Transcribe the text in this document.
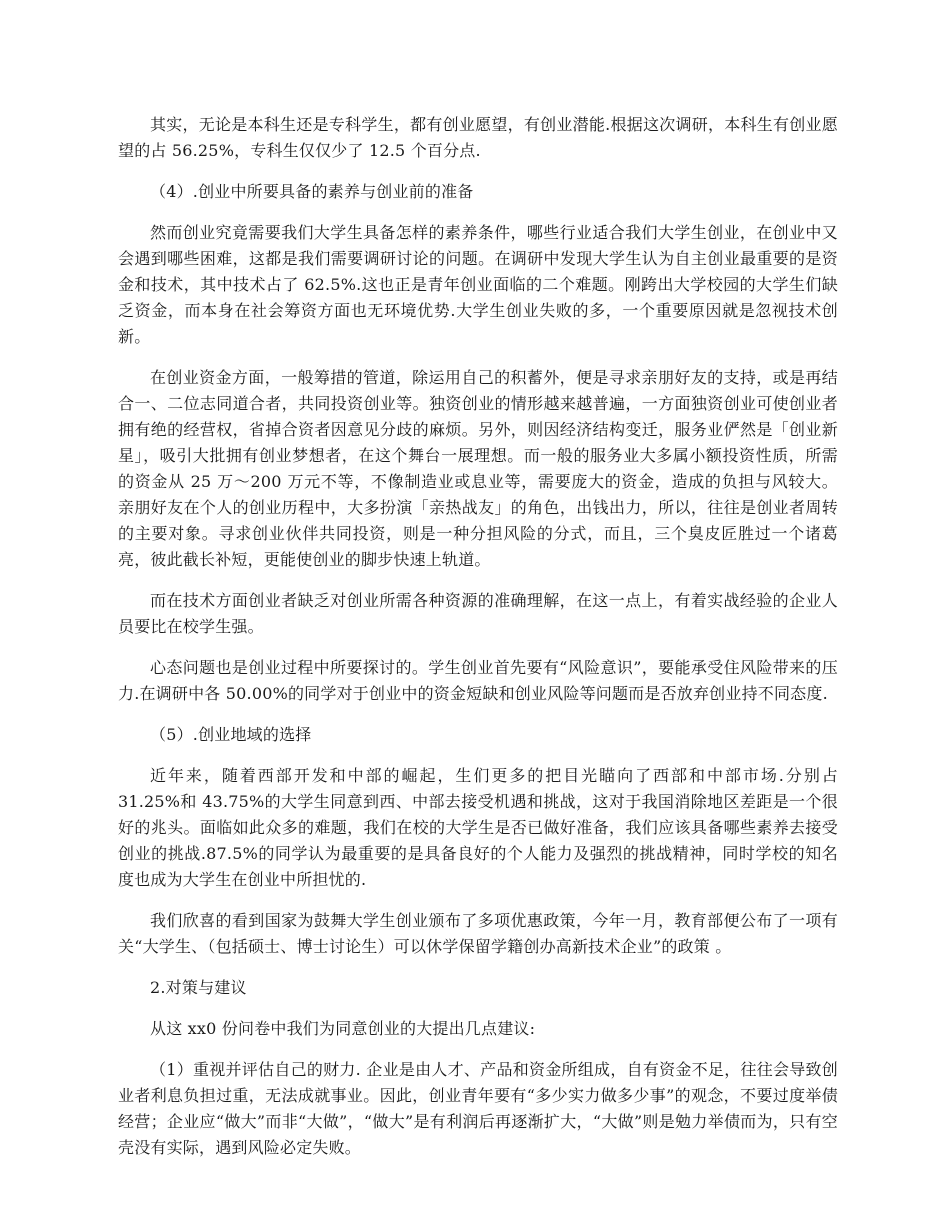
其实，无论是本科生还是专科学生，都有创业愿望，有创业潜能.根据这次调研，本科生有创业愿望的占 56.25%，专科生仅仅少了 12.5 个百分点.

（4）.创业中所要具备的素养与创业前的准备

然而创业究竟需要我们大学生具备怎样的素养条件，哪些行业适合我们大学生创业，在创业中又会遇到哪些困难，这都是我们需要调研讨论的问题。在调研中发现大学生认为自主创业最重要的是资金和技术，其中技术占了 62.5%.这也正是青年创业面临的二个难题。刚跨出大学校园的大学生们缺乏资金，而本身在社会筹资方面也无环境优势.大学生创业失败的多，一个重要原因就是忽视技术创新。

在创业资金方面，一般筹措的管道，除运用自己的积蓄外，便是寻求亲朋好友的支持，或是再结合一、二位志同道合者，共同投资创业等。独资创业的情形越来越普遍，一方面独资创业可使创业者拥有绝的经营权，省掉合资者因意见分歧的麻烦。另外，则因经济结构变迁，服务业俨然是「创业新星」，吸引大批拥有创业梦想者，在这个舞台一展理想。而一般的服务业大多属小额投资性质，所需的资金从 25 万～200 万元不等，不像制造业或息业等，需要庞大的资金，造成的负担与风较大。 亲朋好友在个人的创业历程中，大多扮演「亲热战友」的角色，出钱出力，所以，往往是创业者周转的主要对象。寻求创业伙伴共同投资，则是一种分担风险的分式，而且，三个臭皮匠胜过一个诸葛亮，彼此截长补短，更能使创业的脚步快速上轨道。

而在技术方面创业者缺乏对创业所需各种资源的准确理解，在这一点上，有着实战经验的企业人员要比在校学生强。

心态问题也是创业过程中所要探讨的。学生创业首先要有“风险意识”，要能承受住风险带来的压力.在调研中各 50.00%的同学对于创业中的资金短缺和创业风险等问题而是否放弃创业持不同态度.

（5）.创业地域的选择

近年来，随着西部开发和中部的崛起，生们更多的把目光瞄向了西部和中部市场.分别占 31.25%和 43.75%的大学生同意到西、中部去接受机遇和挑战，这对于我国消除地区差距是一个很好的兆头。面临如此众多的难题，我们在校的大学生是否已做好准备，我们应该具备哪些素养去接受创业的挑战.87.5%的同学认为最重要的是具备良好的个人能力及强烈的挑战精神，同时学校的知名度也成为大学生在创业中所担忧的.

我们欣喜的看到国家为鼓舞大学生创业颁布了多项优惠政策，今年一月，教育部便公布了一项有关“大学生、（包括硕士、博士讨论生）可以休学保留学籍创办高新技术企业”的政策 。

2.对策与建议

从这 xx0 份问卷中我们为同意创业的大提出几点建议:

（1）重视并评估自己的财力. 企业是由人才、产品和资金所组成，自有资金不足，往往会导致创业者利息负担过重，无法成就事业。因此，创业青年要有“多少实力做多少事”的观念，不要过度举债经营；企业应“做大”而非“大做”，“做大”是有利润后再逐渐扩大，“大做”则是勉力举债而为，只有空壳没有实际，遇到风险必定失败。
